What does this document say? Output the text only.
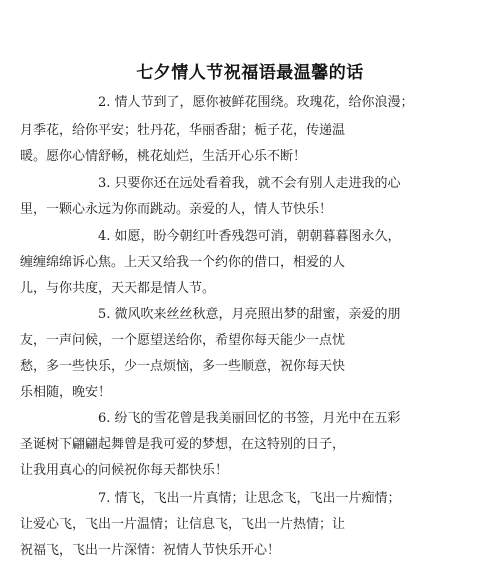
七夕情人节祝福语最温馨的话
2. 情人节到了，愿你被鲜花围绕。玫瑰花，给你浪漫；
月季花，给你平安；牡丹花，华丽香甜；栀子花，传递温
暖。愿你心情舒畅，桃花灿烂，生活开心乐不断！
3. 只要你还在远处看着我，就不会有别人走进我的心
里，一颗心永远为你而跳动。亲爱的人，情人节快乐！
4. 如愿，盼今朝红叶香残怨可消，朝朝暮暮图永久，
缠缠绵绵诉心焦。上天又给我一个约你的借口，相爱的人
儿，与你共度，天天都是情人节。
5. 微风吹来丝丝秋意，月亮照出梦的甜蜜，亲爱的朋
友，一声问候，一个愿望送给你，希望你每天能少一点忧
愁，多一些快乐，少一点烦恼，多一些顺意，祝你每天快
乐相随，晚安！
6. 纷飞的雪花曾是我美丽回忆的书签，月光中在五彩
圣诞树下翩翩起舞曾是我可爱的梦想，在这特别的日子，
让我用真心的问候祝你每天都快乐！
7. 情飞，飞出一片真情；让思念飞，飞出一片痴情；
让爱心飞，飞出一片温情；让信息飞，飞出一片热情；让
祝福飞，飞出一片深情：祝情人节快乐开心！
